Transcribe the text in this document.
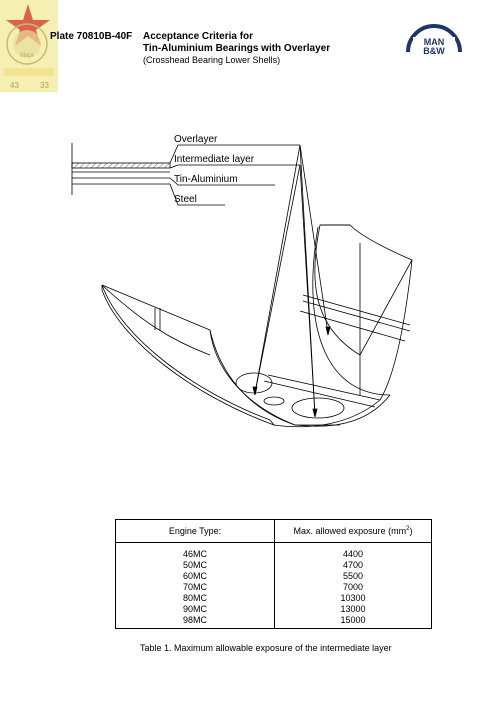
Mapr
43	33
Plate 70810B-40F Acceptance Criteria for
Tin-Aluminium Bearings with Overlayer
(Crosshead Bearing Lower Shells)
MAN
B&W
Overlayer
Intermediate layer
Tin-Aluminium
Steel
Engine Type:	Max. allowed exposure $(mm^2)$
46MC	4400
50MC	4700
60MC	5500
70MC	7000
80MC	10300
90MC	13000
98MC	15000
Table 1. Maximum allowable exposure of the intermediate layer
